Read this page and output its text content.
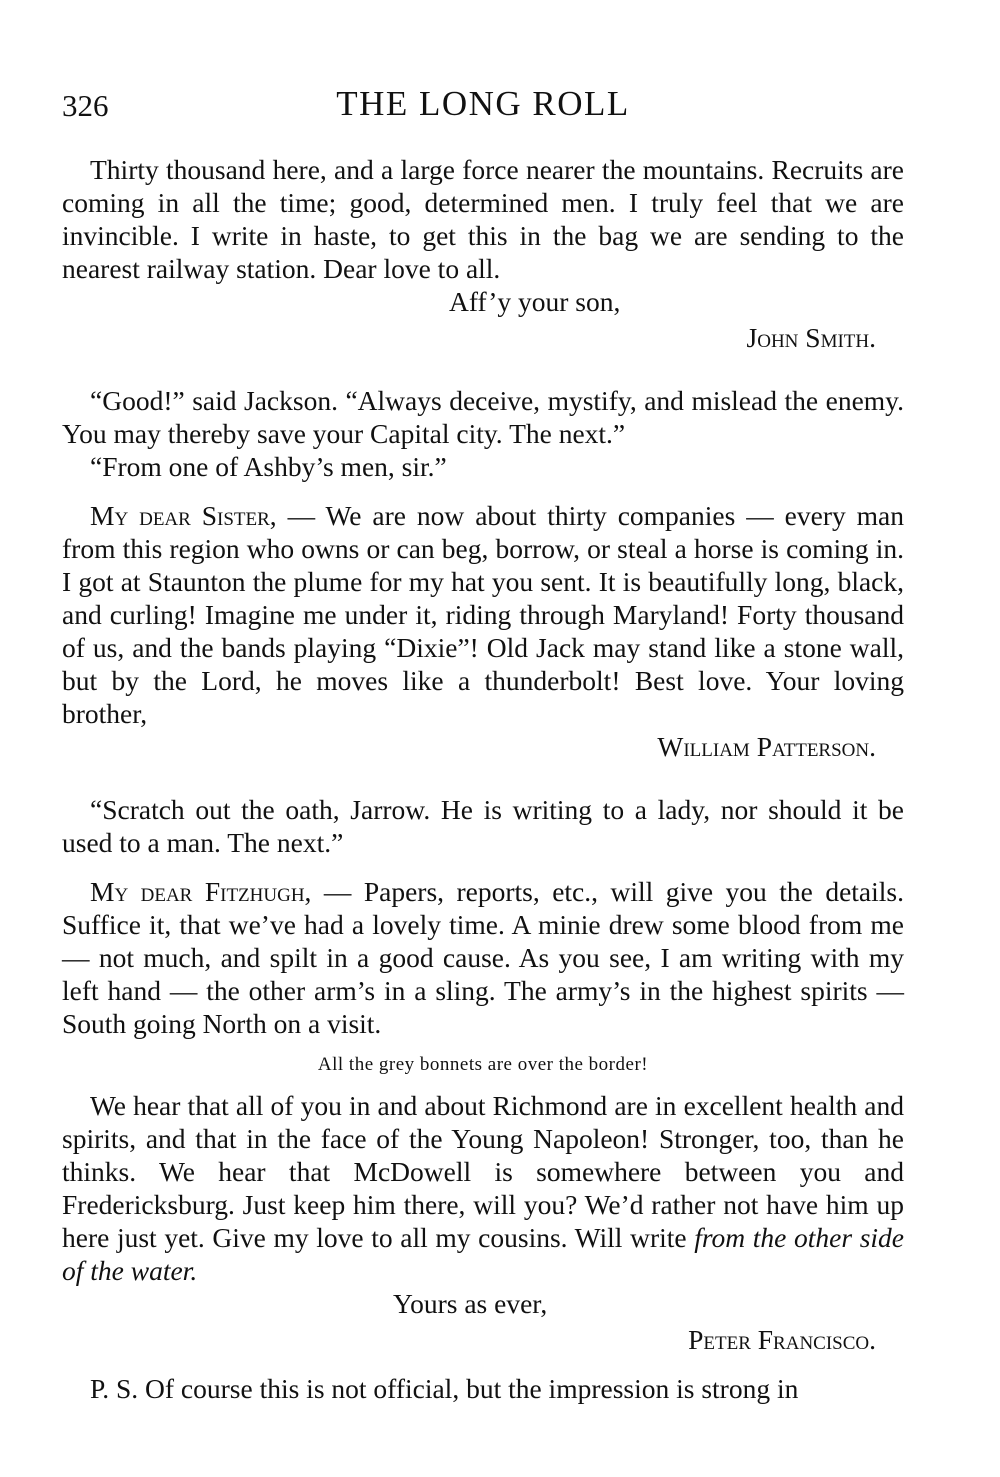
326	THE LONG ROLL

Thirty thousand here, and a large force nearer the mountains. Recruits are coming in all the time; good, determined men. I truly feel that we are invincible. I write in haste, to get this in the bag we are sending to the nearest railway station. Dear love to all.

Aff’y your son,

John Smith.

“Good!” said Jackson. “Always deceive, mystify, and mislead the enemy. You may thereby save your Capital city. The next.”

“From one of Ashby’s men, sir.”

My dear Sister, — We are now about thirty companies — every man from this region who owns or can beg, borrow, or steal a horse is coming in. I got at Staunton the plume for my hat you sent. It is beautifully long, black, and curling! Imagine me under it, riding through Maryland! Forty thousand of us, and the bands playing “Dixie”! Old Jack may stand like a stone wall, but by the Lord, he moves like a thunderbolt! Best love. Your loving brother,

William Patterson.

“Scratch out the oath, Jarrow. He is writing to a lady, nor should it be used to a man. The next.”

My dear Fitzhugh, — Papers, reports, etc., will give you the details. Suffice it, that we’ve had a lovely time. A minie drew some blood from me — not much, and spilt in a good cause. As you see, I am writing with my left hand — the other arm’s in a sling. The army’s in the highest spirits — South going North on a visit.

All the grey bonnets are over the border!

We hear that all of you in and about Richmond are in excellent health and spirits, and that in the face of the Young Napoleon! Stronger, too, than he thinks. We hear that McDowell is somewhere between you and Fredericksburg. Just keep him there, will you? We’d rather not have him up here just yet. Give my love to all my cousins. Will write from the other side of the water.

Yours as ever,

Peter Francisco.

P. S. Of course this is not official, but the impression is strong in
